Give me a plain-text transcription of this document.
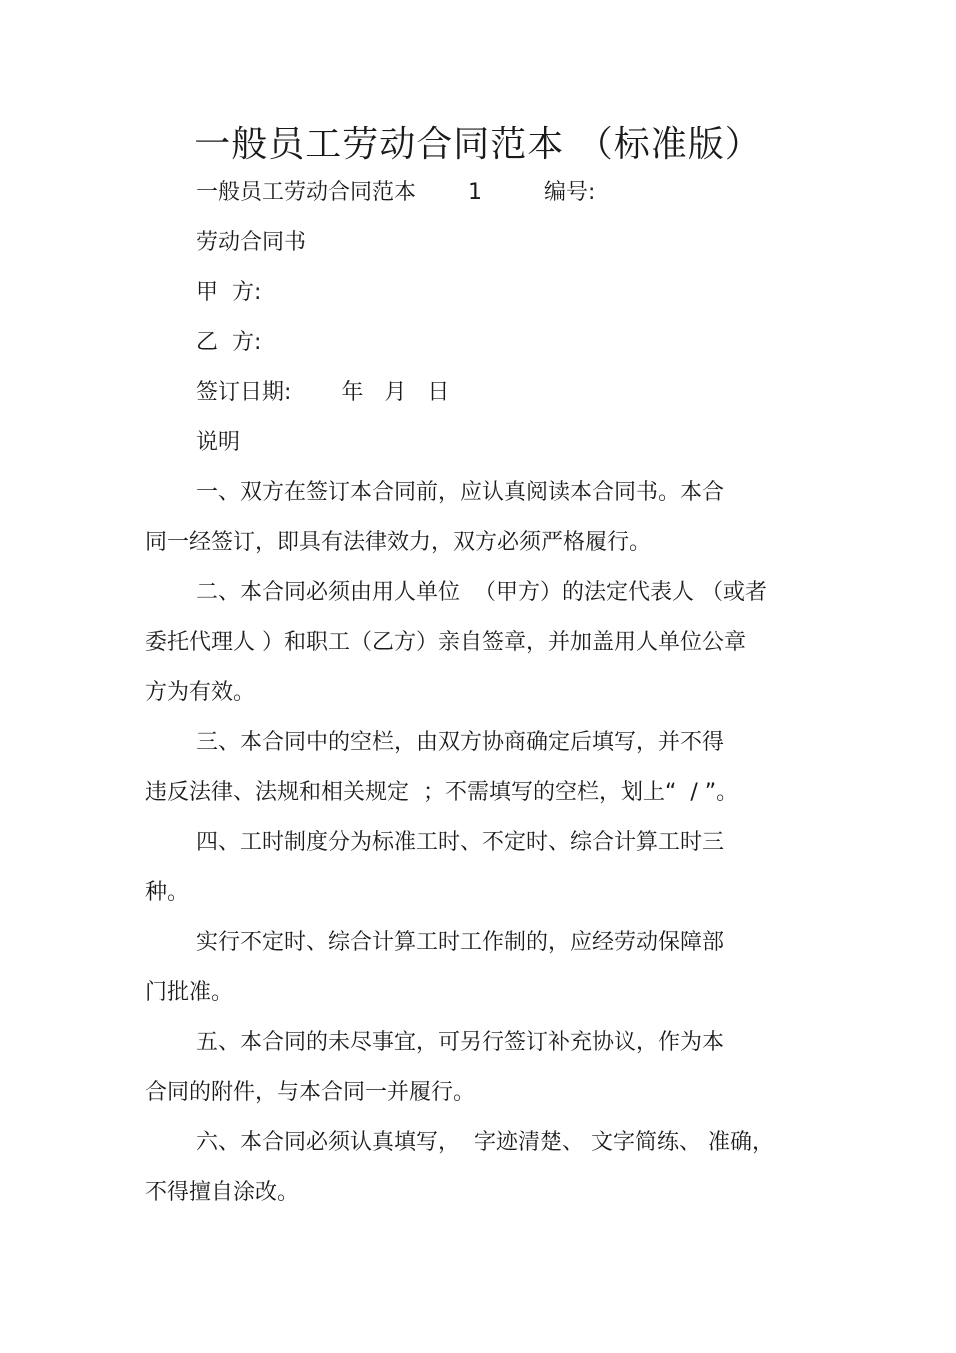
一般员工劳动合同范本 （标准版）
一般员工劳动合同范本 1	编号:
劳动合同书
甲  方:
乙  方:
签订日期: 年   月   日
说明
一、双方在签订本合同前，应认真阅读本合同书。本合
同一经签订，即具有法律效力，双方必须严格履行。
二、本合同必须由用人单位  （甲方）的法定代表人 （或者
委托代理人 ）和职工（乙方）亲自签章，并加盖用人单位公章
方为有效。
三、本合同中的空栏，由双方协商确定后填写，并不得
违反法律、法规和相关规定  ；不需填写的空栏，划上“  / ”。
四、工时制度分为标准工时、不定时、综合计算工时三
种。
实行不定时、综合计算工时工作制的，应经劳动保障部
门批准。
五、本合同的未尽事宜，可另行签订补充协议，作为本
合同的附件，与本合同一并履行。
六、本合同必须认真填写，  字迹清楚、 文字简练、 准确，
不得擅自涂改。
